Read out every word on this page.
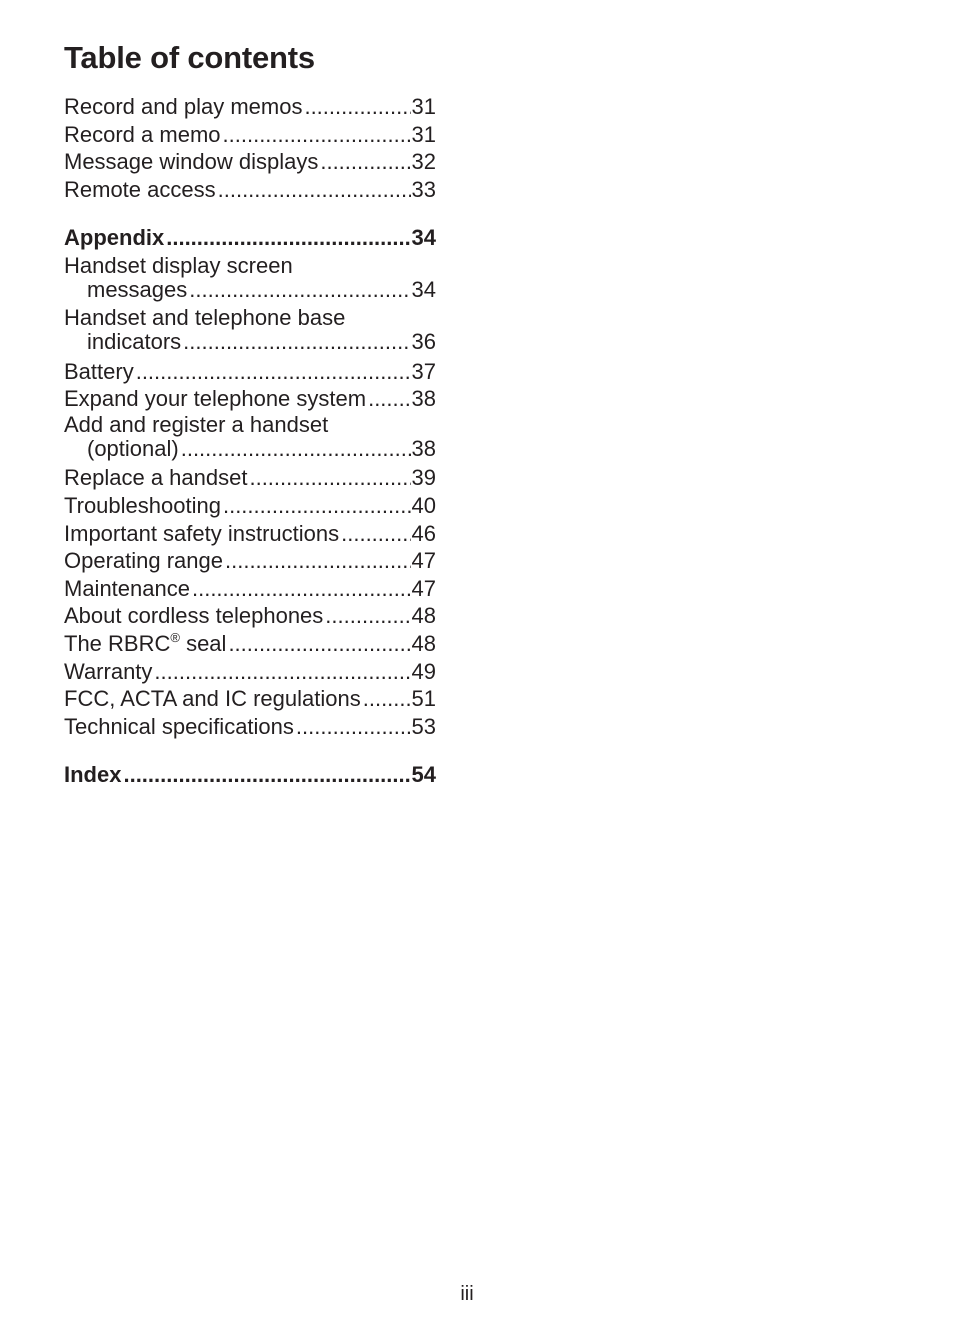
Table of contents
Record and play memos .....	31
Record a memo .....	31
Message window displays .....	32
Remote access .....	33
Appendix .....	34
Handset display screen
messages .....	34
Handset and telephone base
indicators .....	36
Battery .....	37
Expand your telephone system ..... 38
Add and register a handset
(optional) .....	38
Replace a handset .....	39
Troubleshooting .....	40
Important safety instructions .....	46
Operating range .....	47
Maintenance .....	47
About cordless telephones .....	48
The RBRC® seal .....	48
Warranty .....	49
FCC, ACTA and IC regulations ..... 51
Technical specifications .....	53
Index .....	54
iii
